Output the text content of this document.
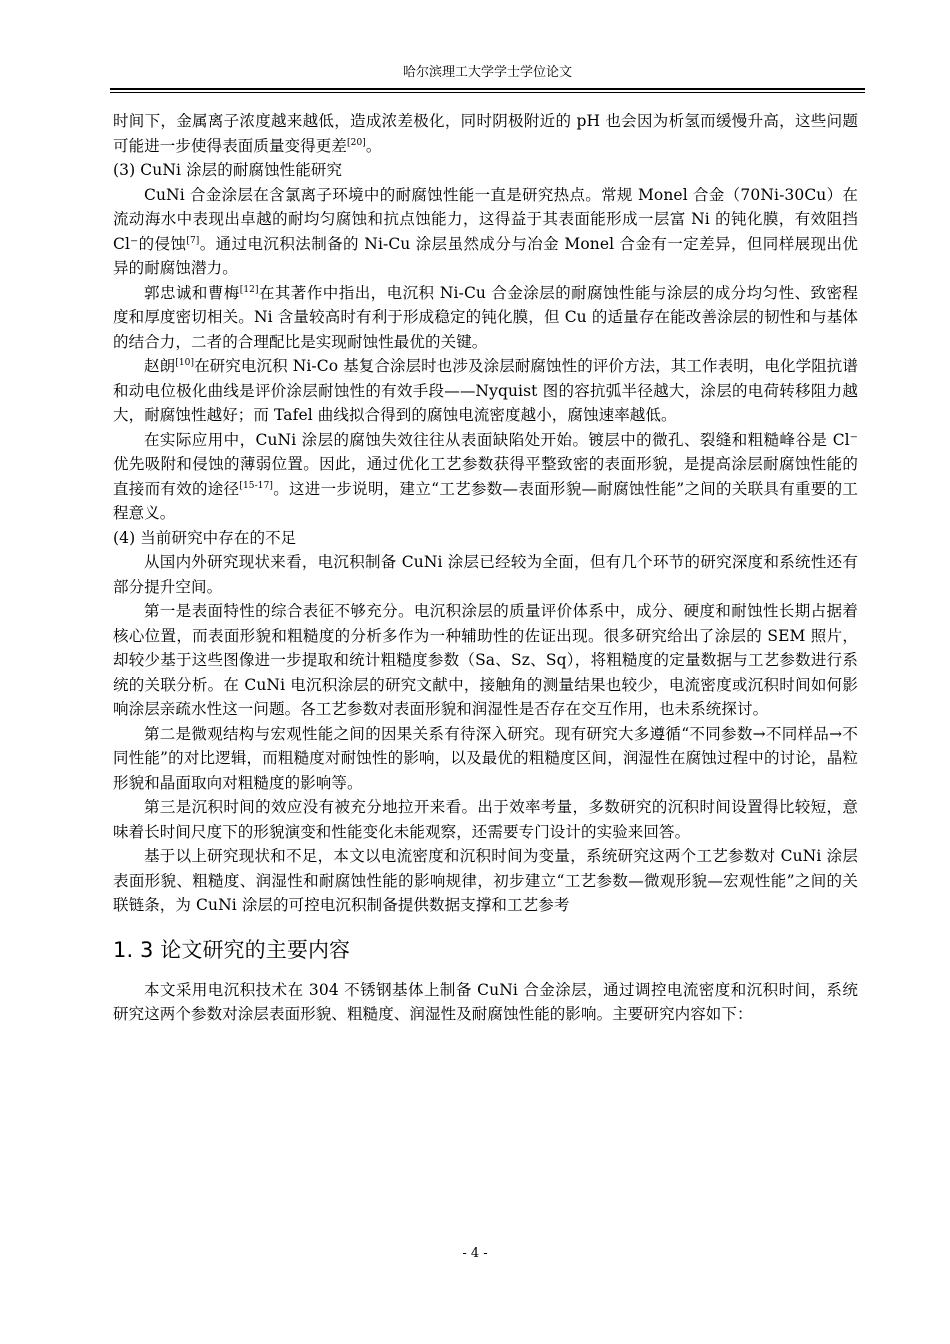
哈尔滨理工大学学士学位论文

时间下，金属离子浓度越来越低，造成浓差极化，同时阴极附近的 pH 也会因为析氢而缓慢升高，这些问题可能进一步使得表面质量变得更差[20]。

(3) CuNi 涂层的耐腐蚀性能研究

CuNi 合金涂层在含氯离子环境中的耐腐蚀性能一直是研究热点。常规 Monel 合金（70Ni-30Cu）在流动海水中表现出卓越的耐均匀腐蚀和抗点蚀能力，这得益于其表面能形成一层富 Ni 的钝化膜，有效阻挡 Cl⁻的侵蚀[7]。通过电沉积法制备的 Ni-Cu 涂层虽然成分与冶金 Monel 合金有一定差异，但同样展现出优异的耐腐蚀潜力。

郭忠诚和曹梅[12]在其著作中指出，电沉积 Ni-Cu 合金涂层的耐腐蚀性能与涂层的成分均匀性、致密程度和厚度密切相关。Ni 含量较高时有利于形成稳定的钝化膜，但 Cu 的适量存在能改善涂层的韧性和与基体的结合力，二者的合理配比是实现耐蚀性最优的关键。

赵朗[10]在研究电沉积 Ni-Co 基复合涂层时也涉及涂层耐腐蚀性的评价方法，其工作表明，电化学阻抗谱和动电位极化曲线是评价涂层耐蚀性的有效手段——Nyquist 图的容抗弧半径越大，涂层的电荷转移阻力越大，耐腐蚀性越好；而 Tafel 曲线拟合得到的腐蚀电流密度越小，腐蚀速率越低。

在实际应用中，CuNi 涂层的腐蚀失效往往从表面缺陷处开始。镀层中的微孔、裂缝和粗糙峰谷是 Cl⁻优先吸附和侵蚀的薄弱位置。因此，通过优化工艺参数获得平整致密的表面形貌，是提高涂层耐腐蚀性能的直接而有效的途径[15-17]。这进一步说明，建立“工艺参数—表面形貌—耐腐蚀性能”之间的关联具有重要的工程意义。

(4) 当前研究中存在的不足

从国内外研究现状来看，电沉积制备 CuNi 涂层已经较为全面，但有几个环节的研究深度和系统性还有部分提升空间。

第一是表面特性的综合表征不够充分。电沉积涂层的质量评价体系中，成分、硬度和耐蚀性长期占据着核心位置，而表面形貌和粗糙度的分析多作为一种辅助性的佐证出现。很多研究给出了涂层的 SEM 照片，却较少基于这些图像进一步提取和统计粗糙度参数（Sa、Sz、Sq），将粗糙度的定量数据与工艺参数进行系统的关联分析。在 CuNi 电沉积涂层的研究文献中，接触角的测量结果也较少，电流密度或沉积时间如何影响涂层亲疏水性这一问题。各工艺参数对表面形貌和润湿性是否存在交互作用，也未系统探讨。

第二是微观结构与宏观性能之间的因果关系有待深入研究。现有研究大多遵循“不同参数→不同样品→不同性能”的对比逻辑，而粗糙度对耐蚀性的影响，以及最优的粗糙度区间，润湿性在腐蚀过程中的讨论，晶粒形貌和晶面取向对粗糙度的影响等。

第三是沉积时间的效应没有被充分地拉开来看。出于效率考量，多数研究的沉积时间设置得比较短，意味着长时间尺度下的形貌演变和性能变化未能观察，还需要专门设计的实验来回答。

基于以上研究现状和不足，本文以电流密度和沉积时间为变量，系统研究这两个工艺参数对 CuNi 涂层表面形貌、粗糙度、润湿性和耐腐蚀性能的影响规律，初步建立“工艺参数—微观形貌—宏观性能”之间的关联链条，为 CuNi 涂层的可控电沉积制备提供数据支撑和工艺参考

1. 3 论文研究的主要内容

本文采用电沉积技术在 304 不锈钢基体上制备 CuNi 合金涂层，通过调控电流密度和沉积时间，系统研究这两个参数对涂层表面形貌、粗糙度、润湿性及耐腐蚀性能的影响。主要研究内容如下：

- 4 -
